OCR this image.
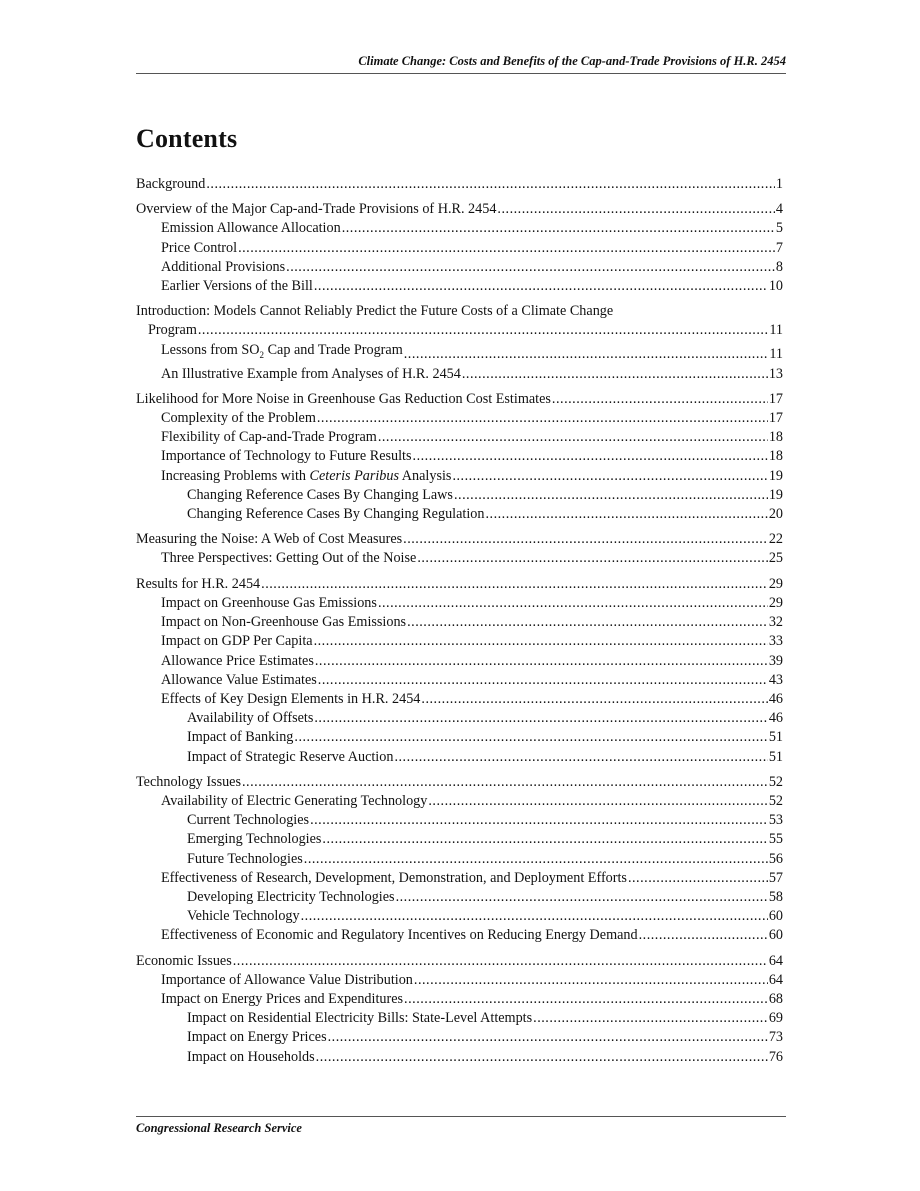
Climate Change: Costs and Benefits of the Cap-and-Trade Provisions of H.R. 2454
Contents
Background .....	1
Overview of the Major Cap-and-Trade Provisions of H.R. 2454 .....	4
Emission Allowance Allocation .....	5
Price Control .....	7
Additional Provisions .....	8
Earlier Versions of the Bill .....	10
Introduction: Models Cannot Reliably Predict the Future Costs of a Climate Change
Program .....	11
Lessons from $SO_2$ Cap and Trade Program .....	11
An Illustrative Example from Analyses of H.R. 2454 .....	13
Likelihood for More Noise in Greenhouse Gas Reduction Cost Estimates .....	17
Complexity of the Problem .....	17
Flexibility of Cap-and-Trade Program .....	18
Importance of Technology to Future Results .....	18
Increasing Problems with Ceteris Paribus Analysis .....	19
Changing Reference Cases By Changing Laws .....	19
Changing Reference Cases By Changing Regulation .....	20
Measuring the Noise: A Web of Cost Measures .....	22
Three Perspectives: Getting Out of the Noise .....	25
Results for H.R. 2454 .....	29
Impact on Greenhouse Gas Emissions .....	29
Impact on Non-Greenhouse Gas Emissions .....	32
Impact on GDP Per Capita .....	33
Allowance Price Estimates .....	39
Allowance Value Estimates .....	43
Effects of Key Design Elements in H.R. 2454 .....	46
Availability of Offsets .....	46
Impact of Banking .....	51
Impact of Strategic Reserve Auction .....	51
Technology Issues .....	52
Availability of Electric Generating Technology .....	52
Current Technologies .....	53
Emerging Technologies .....	55
Future Technologies .....	56
Effectiveness of Research, Development, Demonstration, and Deployment Efforts .....	57
Developing Electricity Technologies .....	58
Vehicle Technology .....	60
Effectiveness of Economic and Regulatory Incentives on Reducing Energy Demand .....	60
Economic Issues .....	64
Importance of Allowance Value Distribution .....	64
Impact on Energy Prices and Expenditures .....	68
Impact on Residential Electricity Bills: State-Level Attempts .....	69
Impact on Energy Prices .....	73
Impact on Households .....	76
Congressional Research Service
